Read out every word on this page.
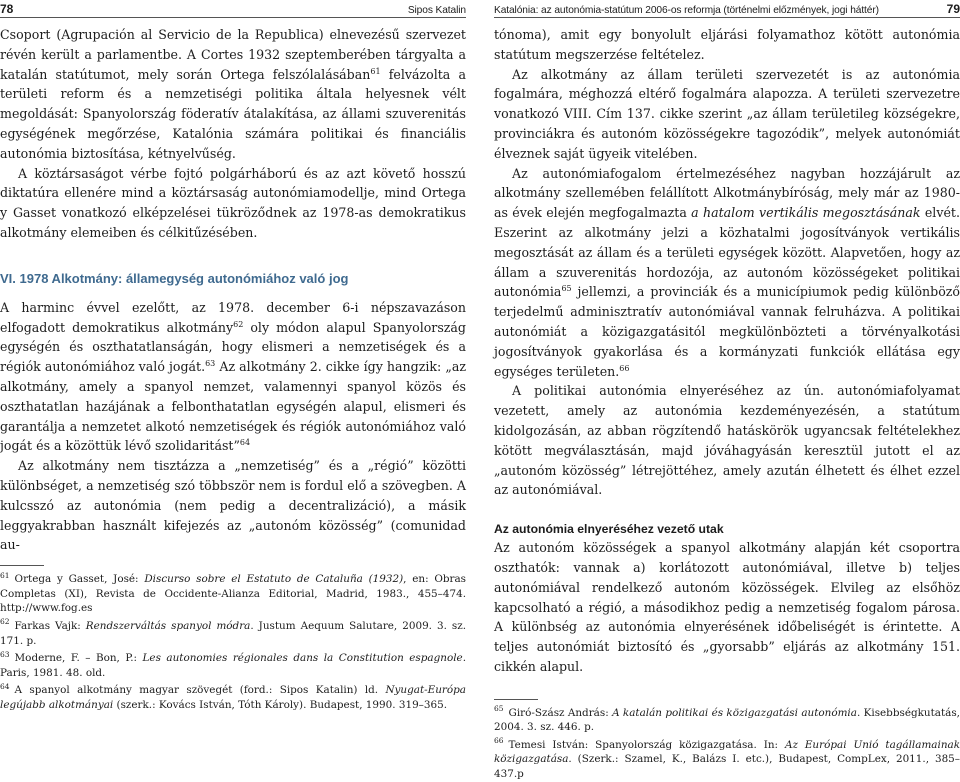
78	Sipos Katalin

Csoport (Agrupación al Servicio de la Republica) elnevezésű szervezet révén került a parlamentbe. A Cortes 1932 szeptemberében tárgyalta a katalán statútumot, mely során Ortega felszólalásában$^{61}$ felvázolta a területi reform és a nemzetiségi politika általa helyesnek vélt megoldását: Spanyolország föderatív átalakítása, az állami szuverenitás egységének megőrzése, Katalónia számára politikai és financiális autonómia biztosítása, kétnyelvűség.

A köztársaságot vérbe fojtó polgárháború és az azt követő hosszú diktatúra ellenére mind a köztársaság autonómiamodellje, mind Ortega y Gasset vonatkozó elképzelései tükröződnek az 1978-as demokratikus alkotmány elemeiben és célkitűzésében.

VI. 1978 Alkotmány: államegység autonómiához való jog

A harminc évvel ezelőtt, az 1978. december 6-i népszavazáson elfogadott demokratikus alkotmány$^{62}$ oly módon alapul Spanyolország egységén és oszthatatlanságán, hogy elismeri a nemzetiségek és a régiók autonómiához való jogát.$^{63}$ Az alkotmány 2. cikke így hangzik: „az alkotmány, amely a spanyol nemzet, valamennyi spanyol közös és oszthatatlan hazájának a felbonthatatlan egységén alapul, elismeri és garantálja a nemzetet alkotó nemzetiségek és régiók autonómiához való jogát és a közöttük lévő szolidaritást”$^{64}$

Az alkotmány nem tisztázza a „nemzetiség” és a „régió” közötti különbséget, a nemzetiség szó többször nem is fordul elő a szövegben. A kulcsszó az autonómia (nem pedig a decentralizáció), a másik leggyakrabban használt kifejezés az „autonóm közösség” (comunidad au-

$^{61}$ Ortega y Gasset, José: Discurso sobre el Estatuto de Cataluña (1932), en: Obras Completas (XI), Revista de Occidente-Alianza Editorial, Madrid, 1983., 455–474. http://www.fog.es

$^{62}$ Farkas Vajk: Rendszerváltás spanyol módra. Justum Aequum Salutare, 2009. 3. sz. 171. p.

$^{63}$ Moderne, F. – Bon, P.: Les autonomies régionales dans la Constitution espagnole. Paris, 1981. 48. old.

$^{64}$ A spanyol alkotmány magyar szövegét (ford.: Sipos Katalin) ld. Nyugat-Európa legújabb alkotmányai (szerk.: Kovács István, Tóth Károly). Budapest, 1990. 319–365.

Katalónia: az autonómia-statútum 2006-os reformja (történelmi előzmények, jogi háttér)	79

tónoma), amit egy bonyolult eljárási folyamathoz kötött autonómia statútum megszerzése feltételez.

Az alkotmány az állam területi szervezetét is az autonómia fogalmára, méghozzá eltérő fogalmára alapozza. A területi szervezetre vonatkozó VIII. Cím 137. cikke szerint „az állam területileg községekre, provinciákra és autonóm közösségekre tagozódik”, melyek autonómiát élveznek saját ügyeik vitelében.

Az autonómiafogalom értelmezéséhez nagyban hozzájárult az alkotmány szellemében felállított Alkotmánybíróság, mely már az 1980-as évek elején megfogalmazta a hatalom vertikális megosztásának elvét. Eszerint az alkotmány jelzi a közhatalmi jogosítványok vertikális megosztását az állam és a területi egységek között. Alapvetően, hogy az állam a szuverenitás hordozója, az autonóm közösségeket politikai autonómia$^{65}$ jellemzi, a provinciák és a municípiumok pedig különböző terjedelmű adminisztratív autonómiával vannak felruházva. A politikai autonómiát a közigazgatásitól megkülönbözteti a törvényalkotási jogosítványok gyakorlása és a kormányzati funkciók ellátása egy egységes területen.$^{66}$

A politikai autonómia elnyeréséhez az ún. autonómiafolyamat vezetett, amely az autonómia kezdeményezésén, a statútum kidolgozásán, az abban rögzítendő hatáskörök ugyancsak feltételekhez kötött megválasztásán, majd jóváhagyásán keresztül jutott el az „autonóm közösség” létrejöttéhez, amely azután élhetett és élhet ezzel az autonómiával.

Az autonómia elnyeréséhez vezető utak

Az autonóm közösségek a spanyol alkotmány alapján két csoportra oszthatók: vannak a) korlátozott autonómiával, illetve b) teljes autonómiával rendelkező autonóm közösségek. Elvileg az elsőhöz kapcsolható a régió, a másodikhoz pedig a nemzetiség fogalom párosa. A különbség az autonómia elnyerésének időbeliségét is érintette. A teljes autonómiát biztosító és „gyorsabb” eljárás az alkotmány 151. cikkén alapul.

$^{65}$ Giró-Szász András: A katalán politikai és közigazgatási autonómia. Kisebbségkutatás, 2004. 3. sz. 446. p.

$^{66}$ Temesi István: Spanyolország közigazgatása. In: Az Európai Unió tagállamainak közigazgatása. (Szerk.: Szamel, K., Balázs I. etc.), Budapest, CompLex, 2011., 385–437.p
